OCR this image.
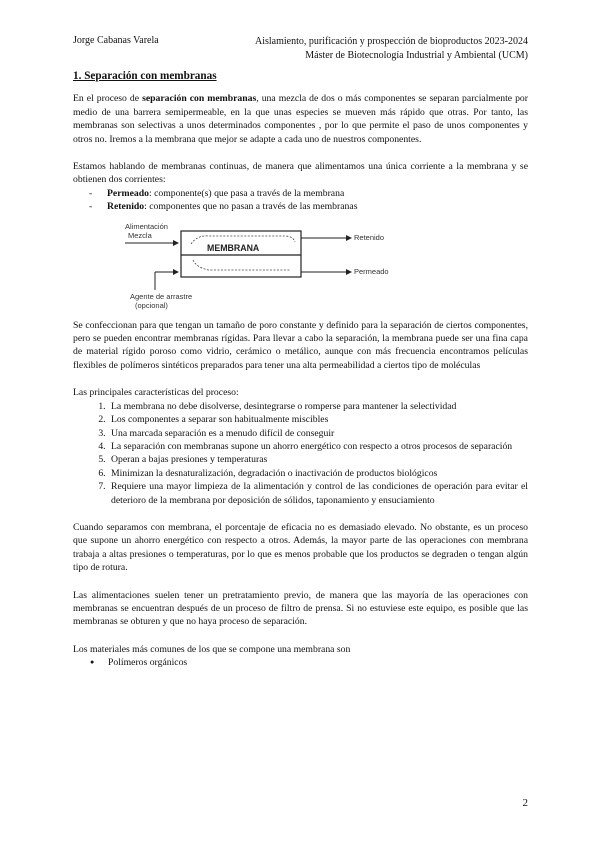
Jorge Cabanas Varela	Aislamiento, purificación y prospección de bioproductos 2023-2024
Máster de Biotecnología Industrial y Ambiental (UCM)
1. Separación con membranas

En el proceso de separación con membranas, una mezcla de dos o más componentes se separan parcialmente por medio de una barrera semipermeable, en la que unas especies se mueven más rápido que otras. Por tanto, las membranas son selectivas a unos determinados componentes , por lo que permite el paso de unos componentes y otros no. Iremos a la membrana que mejor se adapte a cada uno de nuestros componentes.

Estamos hablando de membranas continuas, de manera que alimentamos una única corriente a la membrana y se obtienen dos corrientes:

- Permeado: componente(s) que pasa a través de la membrana
- Retenido: componentes que no pasan a través de las membranas
Alimentación
Mezcla
MEMBRANA
Retenido
Permeado
Agente de arrastre
(opcional)

Se confeccionan para que tengan un tamaño de poro constante y definido para la separación de ciertos componentes, pero se pueden encontrar membranas rígidas. Para llevar a cabo la separación, la membrana puede ser una fina capa de material rígido poroso como vidrio, cerámico o metálico, aunque con más frecuencia encontramos películas flexibles de polímeros sintéticos preparados para tener una alta permeabilidad a ciertos tipo de moléculas

Las principales características del proceso:

1. La membrana no debe disolverse, desintegrarse o romperse para mantener la selectividad
2. Los componentes a separar son habitualmente miscibles
3. Una marcada separación es a menudo difícil de conseguir
4. La separación con membranas supone un ahorro energético con respecto a otros procesos de separación
5. Operan a bajas presiones y temperaturas
6. Minimizan la desnaturalización, degradación o inactivación de productos biológicos
7. Requiere una mayor limpieza de la alimentación y control de las condiciones de operación para evitar el deterioro de la membrana por deposición de sólidos, taponamiento y ensuciamiento

Cuando separamos con membrana, el porcentaje de eficacia no es demasiado elevado. No obstante, es un proceso que supone un ahorro energético con respecto a otros. Además, la mayor parte de las operaciones con membrana trabaja a altas presiones o temperaturas, por lo que es menos probable que los productos se degraden o tengan algún tipo de rotura.

Las alimentaciones suelen tener un pretratamiento previo, de manera que las mayoría de las operaciones con membranas se encuentran después de un proceso de filtro de prensa. Si no estuviese este equipo, es posible que las membranas se obturen y que no haya proceso de separación.

Los materiales más comunes de los que se compone una membrana son

● Polímeros orgánicos
2
